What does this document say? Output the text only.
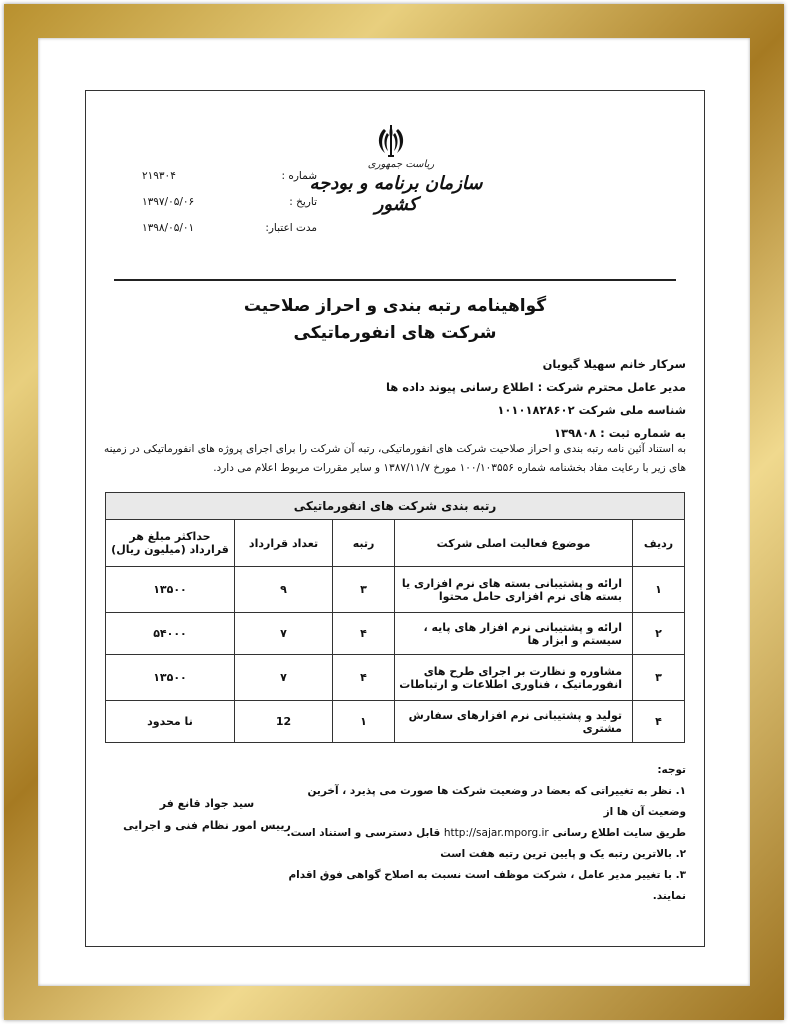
ریاست جمهوری
سازمان برنامه و بودجه کشور
شماره :
۲۱۹۳۰۴
تاریخ :
۱۳۹۷/۰۵/۰۶
مدت اعتبار:
۱۳۹۸/۰۵/۰۱
گواهینامه رتبه بندی و احراز صلاحیت
شرکت های انفورماتیکی
سرکار خانم سهیلا گیویان
مدیر عامل محترم شرکت : اطلاع رسانی پیوند داده ها
شناسه ملی شرکت ۱۰۱۰۱۸۲۸۶۰۲
به شماره ثبت : ۱۳۹۸۰۸
به استناد آئین نامه رتبه بندی و احراز صلاحیت شرکت های انفورماتیکی، رتبه آن شرکت را برای اجرای پروژه های انفورماتیکی در زمینه های زیر با رعایت مفاد بخشنامه شماره ۱۰۰/۱۰۳۵۵۶ مورخ ۱۳۸۷/۱۱/۷ و سایر مقررات مربوط اعلام می دارد.
رتبه بندی شرکت های انفورماتیکی
ردیف	موضوع فعالیت اصلی شرکت	رتبه	تعداد قرارداد	حداکثر مبلغ هر قرارداد (میلیون ریال)
۱	ارائه و پشتیبانی بسته های نرم افزاری یا بسته های نرم افزاری حامل محتوا	۳	۹	۱۳۵۰۰
۲	ارائه و پشتیبانی نرم افزار های پایه ، سیستم و ابزار ها	۴	۷	۵۴۰۰۰
۳	مشاوره و نظارت بر اجرای طرح های انفورماتیک ، فناوری اطلاعات و ارتباطات	۴	۷	۱۳۵۰۰
۴	تولید و پشتیبانی نرم افزارهای سفارش مشتری	۱	12	نا محدود
توجه:
۱. نظر به تغییراتی که بعضا در وضعیت شرکت ها صورت می پذیرد ، آخرین وضعیت آن ها از
طریق سایت اطلاع رسانی http://sajar.mporg.ir قابل دسترسی و استناد است.
۲. بالاترین رتبه یک و پایین ترین رتبه هفت است
۳. با تغییر مدیر عامل ، شرکت موظف است نسبت به اصلاح گواهی فوق اقدام نمایند.
سید جواد قانع فر
رییس امور نظام فنی و اجرایی
